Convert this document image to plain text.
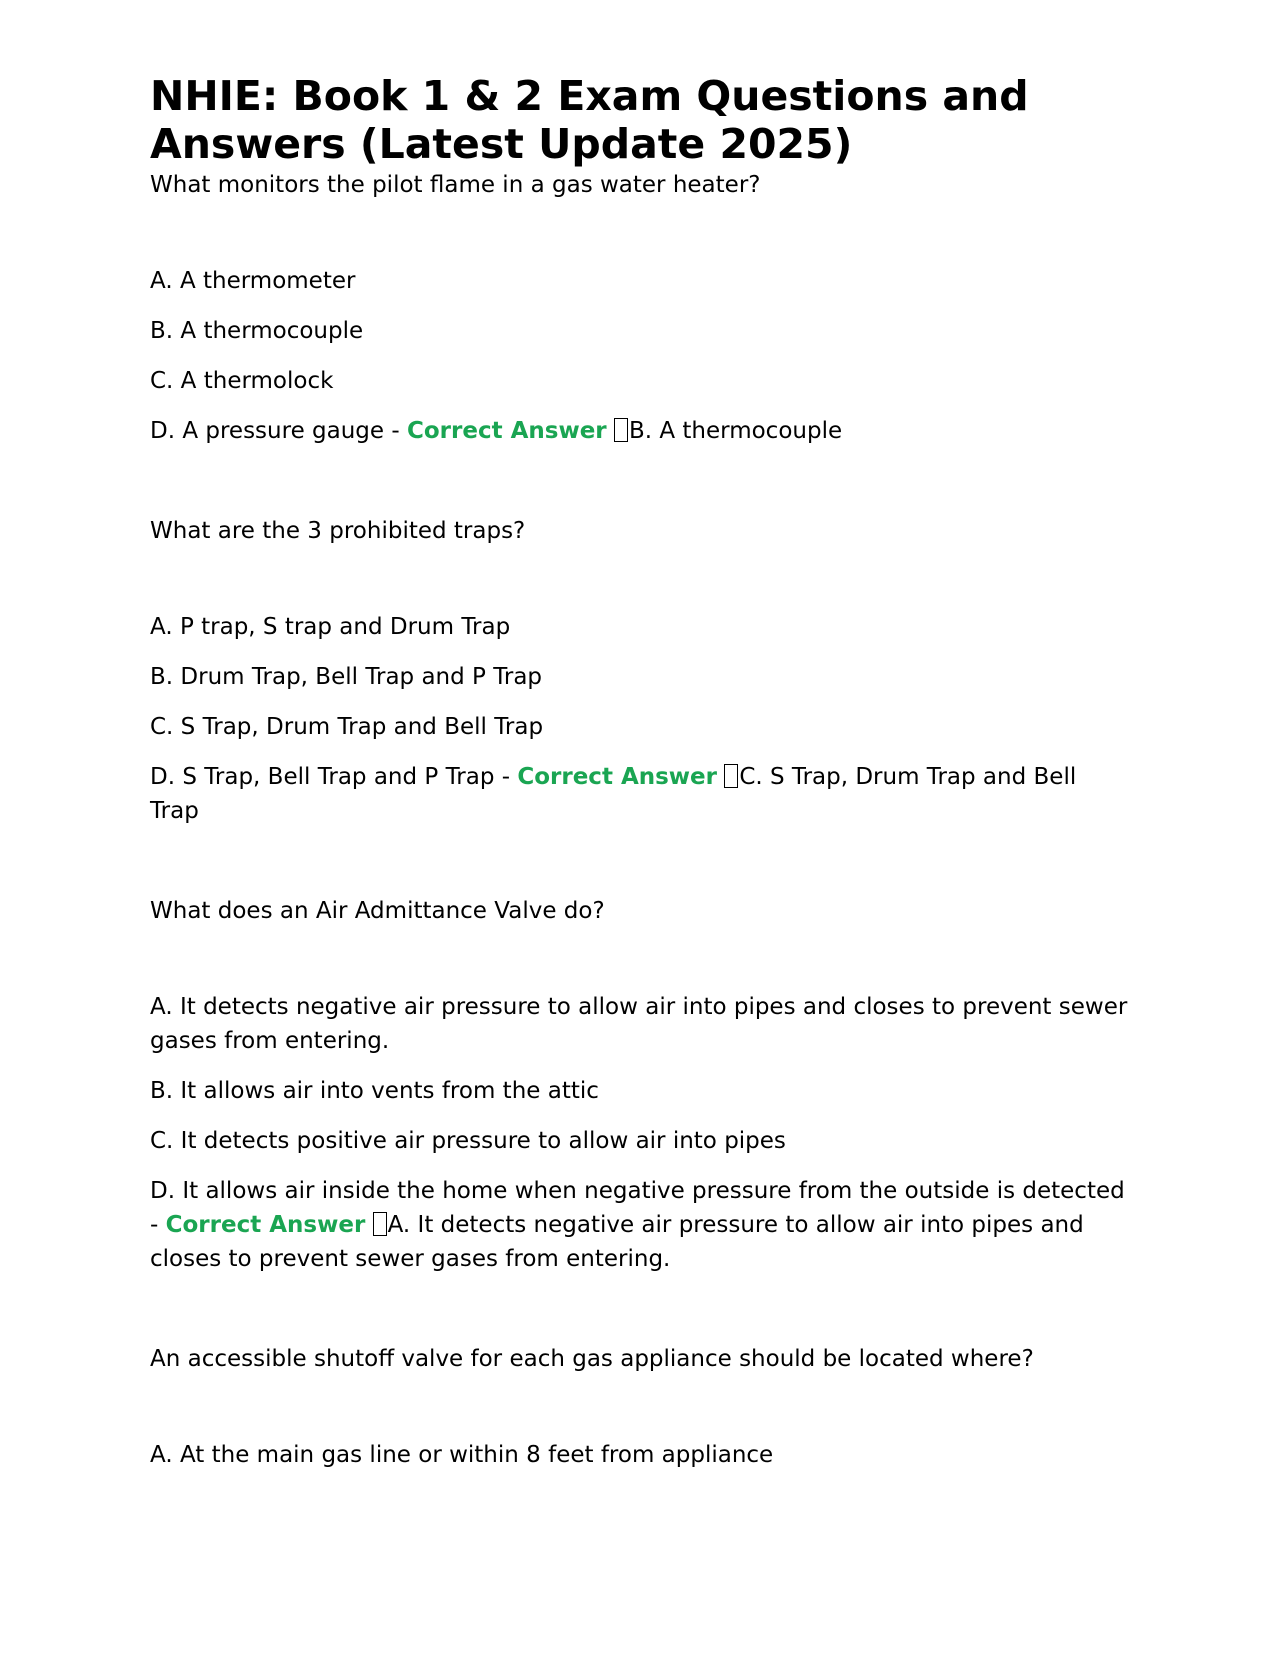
NHIE: Book 1 & 2 Exam Questions and Answers (Latest Update 2025)

What monitors the pilot flame in a gas water heater?

A. A thermometer

B. A thermocouple

C. A thermolock

D. A pressure gauge - Correct Answer B. A thermocouple

What are the 3 prohibited traps?

A. P trap, S trap and Drum Trap

B. Drum Trap, Bell Trap and P Trap

C. S Trap, Drum Trap and Bell Trap

D. S Trap, Bell Trap and P Trap - Correct Answer C. S Trap, Drum Trap and Bell Trap

What does an Air Admittance Valve do?

A. It detects negative air pressure to allow air into pipes and closes to prevent sewer gases from entering.

B. It allows air into vents from the attic

C. It detects positive air pressure to allow air into pipes

D. It allows air inside the home when negative pressure from the outside is detected - Correct Answer A. It detects negative air pressure to allow air into pipes and closes to prevent sewer gases from entering.

An accessible shutoff valve for each gas appliance should be located where?

A. At the main gas line or within 8 feet from appliance
